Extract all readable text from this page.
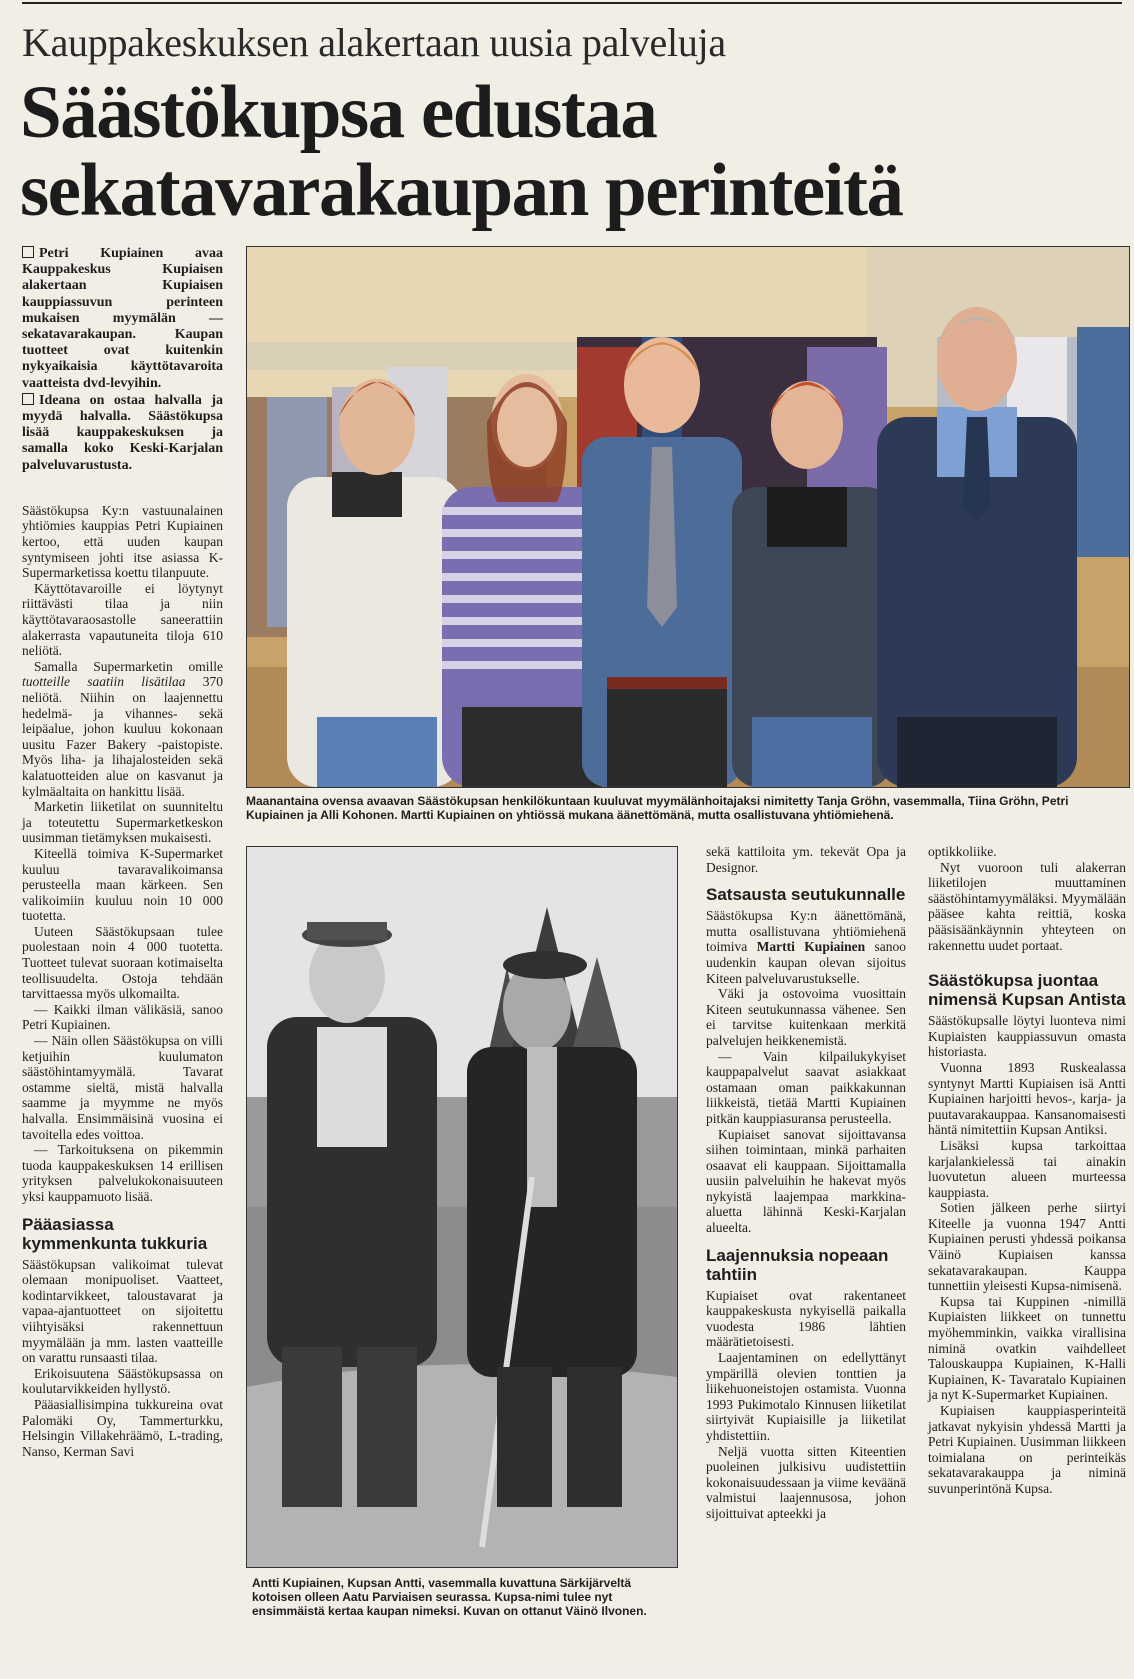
Kauppakeskuksen alakertaan uusia palveluja
Säästökupsa edustaa
sekatavarakaupan perinteitä

Petri Kupiainen avaa Kauppakeskus Kupiaisen alakertaan Kupiaisen kauppiassuvun perinteen mukaisen myymälän — sekatavarakaupan. Kaupan tuotteet ovat kuitenkin nykyaikaisia käyttötavaroita vaatteista dvd-levyihin.

Ideana on ostaa halvalla ja myydä halvalla. Säästökupsa lisää kauppakeskuksen ja samalla koko Keski-Karjalan palveluvarustusta.

Säästökupsa Ky:n vastuunalainen yhtiömies kauppias Petri Kupiainen kertoo, että uuden kaupan syntymiseen johti itse asiassa K-Supermarketissa koettu tilanpuute.

Käyttötavaroille ei löytynyt riittävästi tilaa ja niin käyttötavaraosastolle saneerattiin alakerrasta vapautuneita tiloja 610 neliötä.

Samalla Supermarketin omille tuotteille saatiin lisätilaa 370 neliötä. Niihin on laajennettu hedelmä- ja vihannes- sekä leipäalue, johon kuuluu kokonaan uusitu Fazer Bakery -paistopiste. Myös liha- ja lihajalosteiden sekä kalatuotteiden alue on kasvanut ja kylmäaltaita on hankittu lisää.

Marketin liiketilat on suunniteltu ja toteutettu Supermarketkeskon uusimman tietämyksen mukaisesti.

Kiteellä toimiva K-Supermarket kuuluu tavaravalikoimansa perusteella maan kärkeen. Sen valikoimiin kuuluu noin 10 000 tuotetta.

Uuteen Säästökupsaan tulee puolestaan noin 4 000 tuotetta. Tuotteet tulevat suoraan kotimaiselta teollisuudelta. Ostoja tehdään tarvittaessa myös ulkomailta.

— Kaikki ilman välikäsiä, sanoo Petri Kupiainen.

— Näin ollen Säästökupsa on villi ketjuihin kuulumaton säästöhintamyymälä. Tavarat ostamme sieltä, mistä halvalla saamme ja myymme ne myös halvalla. Ensimmäisinä vuosina ei tavoitella edes voittoa.

— Tarkoituksena on pikemmin tuoda kauppakeskuksen 14 erillisen yrityksen palvelukokonaisuuteen yksi kauppamuoto lisää.

Pääasiassa kymmenkunta tukkuria

Säästökupsan valikoimat tulevat olemaan monipuoliset. Vaatteet, kodintarvikkeet, taloustavarat ja vapaa-ajantuotteet on sijoitettu viihtyisäksi rakennettuun myymälään ja mm. lasten vaatteille on varattu runsaasti tilaa.

Erikoisuutena Säästökupsassa on koulutarvikkeiden hyllystö.

Pääasiallisimpina tukkureina ovat Palomäki Oy, Tammerturkku, Helsingin Villakehräämö, L-trading, Nanso, Kerman Savi

Maanantaina ovensa avaavan Säästökupsan henkilökuntaan kuuluvat myymälänhoitajaksi nimitetty Tanja Gröhn, vasemmalla, Tiina Gröhn, Petri Kupiainen ja Alli Kohonen. Martti Kupiainen on yhtiössä mukana äänettömänä, mutta osallistuvana yhtiömiehenä.
Antti Kupiainen, Kupsan Antti, vasemmalla kuvattuna Särkijärveltä kotoisen olleen Aatu Parviaisen seurassa. Kupsa-nimi tulee nyt ensimmäistä kertaa kaupan nimeksi. Kuvan on ottanut Väinö Ilvonen.

sekä kattiloita ym. tekevät Opa ja Designor.

Satsausta seutukunnalle

Säästökupsa Ky:n äänettömänä, mutta osallistuvana yhtiömiehenä toimiva Martti Kupiainen sanoo uudenkin kaupan olevan sijoitus Kiteen palveluvarustukselle.

Väki ja ostovoima vuosittain Kiteen seutukunnassa vähenee. Sen ei tarvitse kuitenkaan merkitä palvelujen heikkenemistä.

— Vain kilpailukykyiset kauppapalvelut saavat asiakkaat ostamaan oman paikkakunnan liikkeistä, tietää Martti Kupiainen pitkän kauppiasuransa perusteella.

Kupiaiset sanovat sijoittavansa siihen toimintaan, minkä parhaiten osaavat eli kauppaan. Sijoittamalla uusiin palveluihin he hakevat myös nykyistä laajempaa markkina- aluetta lähinnä Keski-Karjalan alueelta.

Laajennuksia nopeaan tahtiin

Kupiaiset ovat rakentaneet kauppakeskusta nykyisellä paikalla vuodesta 1986 lähtien määrätietoisesti.

Laajentaminen on edellyttänyt ympärillä olevien tonttien ja liikehuoneistojen ostamista. Vuonna 1993 Pukimotalo Kinnusen liiketilat siirtyivät Kupiaisille ja liiketilat yhdistettiin.

Neljä vuotta sitten Kiteentien puoleinen julkisivu uudistettiin kokonaisuudessaan ja viime keväänä valmistui laajennusosa, johon sijoittuivat apteekki ja

optikkoliike.

Nyt vuoroon tuli alakerran liiketilojen muuttaminen säästöhintamyymäläksi. Myymälään pääsee kahta reittiä, koska pääsisäänkäynnin yhteyteen on rakennettu uudet portaat.

Säästökupsa juontaa nimensä Kupsan Antista

Säästökupsalle löytyi luonteva nimi Kupiaisten kauppiassuvun omasta historiasta.

Vuonna 1893 Ruskealassa syntynyt Martti Kupiaisen isä Antti Kupiainen harjoitti hevos-, karja- ja puutavarakauppaa. Kansanomaisesti häntä nimitettiin Kupsan Antiksi.

Lisäksi kupsa tarkoittaa karjalankielessä tai ainakin luovutetun alueen murteessa kauppiasta.

Sotien jälkeen perhe siirtyi Kiteelle ja vuonna 1947 Antti Kupiainen perusti yhdessä poikansa Väinö Kupiaisen kanssa sekatavarakaupan. Kauppa tunnettiin yleisesti Kupsa-nimisenä.

Kupsa tai Kuppinen -nimillä Kupiaisten liikkeet on tunnettu myöhemminkin, vaikka virallisina niminä ovatkin vaihdelleet Talouskauppa Kupiainen, K-Halli Kupiainen, K- Tavaratalo Kupiainen ja nyt K-Supermarket Kupiainen.

Kupiaisen kauppiasperinteitä jatkavat nykyisin yhdessä Martti ja Petri Kupiainen. Uusimman liikkeen toimialana on perinteikäs sekatavarakauppa ja niminä suvunperintönä Kupsa.
